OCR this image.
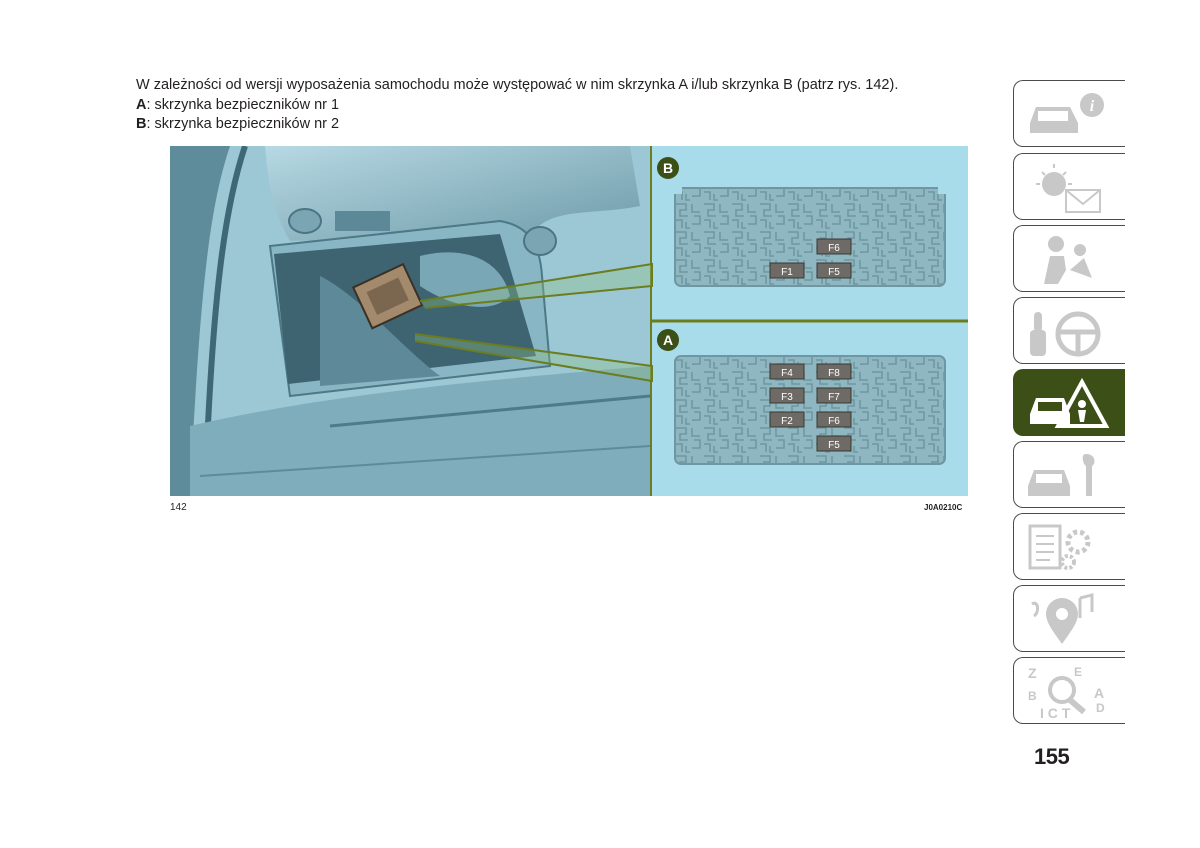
W zależności od wersji wyposażenia samochodu może występować w nim skrzynka A i/lub skrzynka B (patrz rys. 142).

A: skrzynka bezpieczników nr 1

B: skrzynka bezpieczników nr 2

F6
F1	F5
F4	F8
F3	F7
F2	F6
F5
B
A
142	J0A0210C
i
Z
B	A
D
E
I C T
155
